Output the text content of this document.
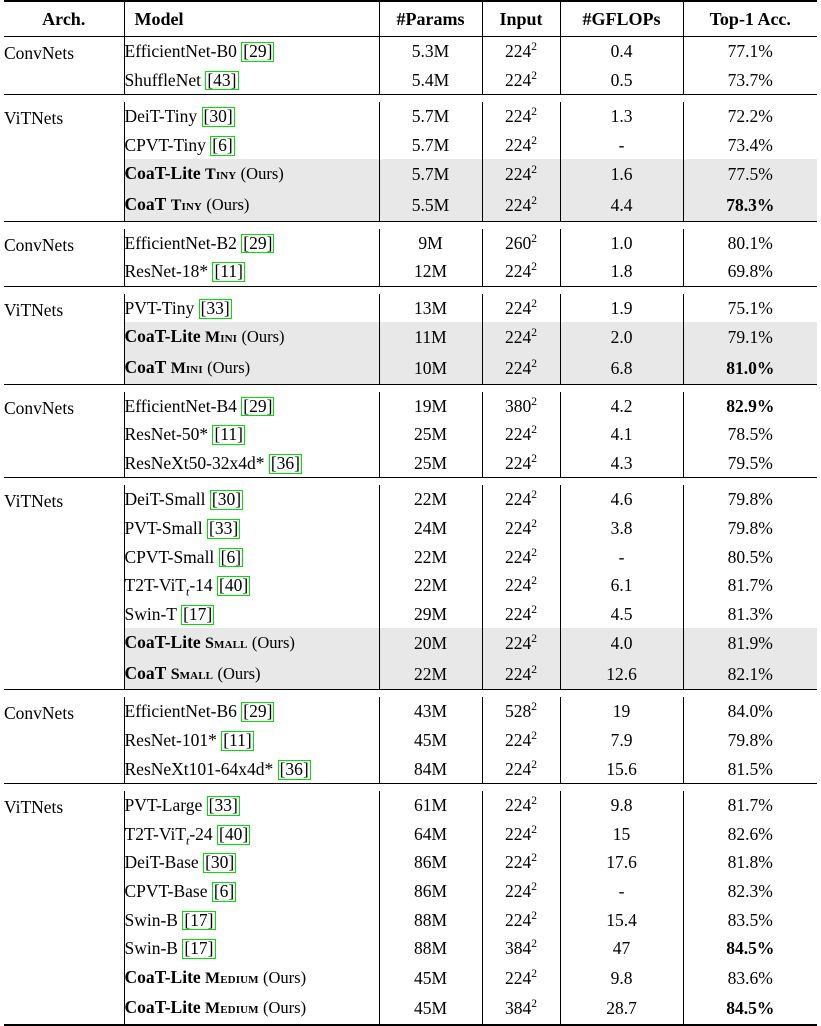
Arch.	Model	#Params	Input	#GFLOPs	Top-1 Acc.
ConvNets	EfficientNet-B0 [29]	5.3M	$224^2$	0.4	77.1%
	ShuffleNet [43]	5.4M	$224^2$	0.5	73.7%

ViTNets	DeiT-Tiny [30]	5.7M	$224^2$	1.3	72.2%
	CPVT-Tiny [6]	5.7M	$224^2$	-	73.4%
	CoaT-Lite Tiny (Ours)	5.7M	$224^2$	1.6	77.5%
	CoaT Tiny (Ours)	5.5M	$224^2$	4.4	78.3%

ConvNets	EfficientNet-B2 [29]	9M	$260^2$	1.0	80.1%
	ResNet-18* [11]	12M	$224^2$	1.8	69.8%

ViTNets	PVT-Tiny [33]	13M	$224^2$	1.9	75.1%
	CoaT-Lite Mini (Ours)	11M	$224^2$	2.0	79.1%
	CoaT Mini (Ours)	10M	$224^2$	6.8	81.0%

ConvNets	EfficientNet-B4 [29]	19M	$380^2$	4.2	82.9%
	ResNet-50* [11]	25M	$224^2$	4.1	78.5%
	ResNeXt50-32x4d* [36]	25M	$224^2$	4.3	79.5%

ViTNets	DeiT-Small [30]	22M	$224^2$	4.6	79.8%
	PVT-Small [33]	24M	$224^2$	3.8	79.8%
	CPVT-Small [6]	22M	$224^2$	-	80.5%
	T2T-ViT$_t$-14 [40]	22M	$224^2$	6.1	81.7%
	Swin-T [17]	29M	$224^2$	4.5	81.3%
	CoaT-Lite Small (Ours)	20M	$224^2$	4.0	81.9%
	CoaT Small (Ours)	22M	$224^2$	12.6	82.1%

ConvNets	EfficientNet-B6 [29]	43M	$528^2$	19	84.0%
	ResNet-101* [11]	45M	$224^2$	7.9	79.8%
	ResNeXt101-64x4d* [36]	84M	$224^2$	15.6	81.5%

ViTNets	PVT-Large [33]	61M	$224^2$	9.8	81.7%
	T2T-ViT$_t$-24 [40]	64M	$224^2$	15	82.6%
	DeiT-Base [30]	86M	$224^2$	17.6	81.8%
	CPVT-Base [6]	86M	$224^2$	-	82.3%
	Swin-B [17]	88M	$224^2$	15.4	83.5%
	Swin-B [17]	88M	$384^2$	47	84.5%
	CoaT-Lite Medium (Ours)	45M	$224^2$	9.8	83.6%
	CoaT-Lite Medium (Ours)	45M	$384^2$	28.7	84.5%
